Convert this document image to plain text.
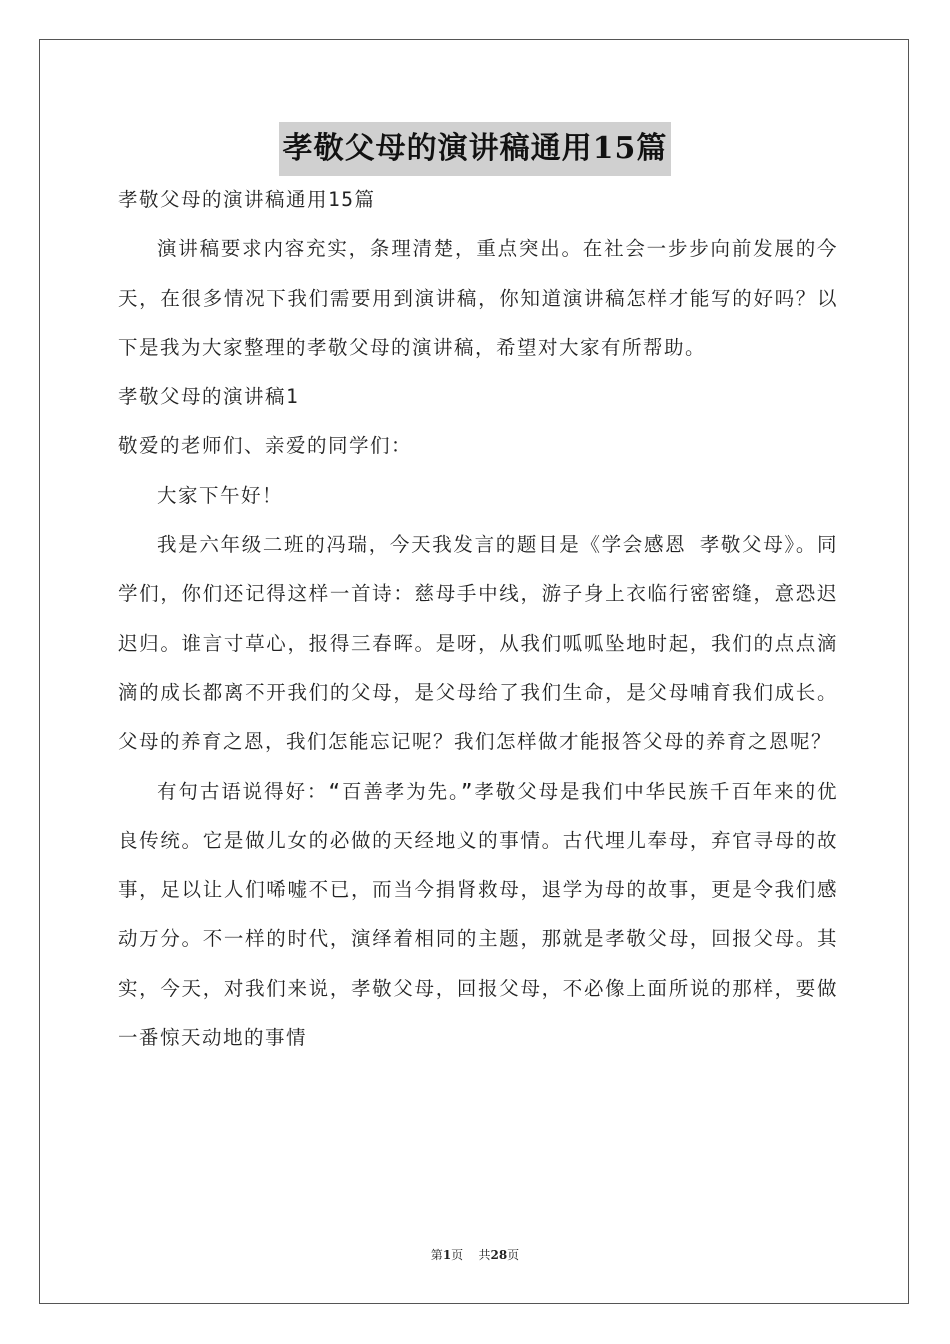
孝敬父母的演讲稿通用15篇

孝敬父母的演讲稿通用15篇

演讲稿要求内容充实，条理清楚，重点突出。在社会一步步向前发展的今天，在很多情况下我们需要用到演讲稿，你知道演讲稿怎样才能写的好吗？以下是我为大家整理的孝敬父母的演讲稿，希望对大家有所帮助。

孝敬父母的演讲稿1

敬爱的老师们、亲爱的同学们：

大家下午好！

我是六年级二班的冯瑞，今天我发言的题目是《学会感恩 孝敬父母》。同学们，你们还记得这样一首诗：慈母手中线，游子身上衣临行密密缝，意恐迟迟归。谁言寸草心，报得三春晖。是呀，从我们呱呱坠地时起，我们的点点滴滴的成长都离不开我们的父母，是父母给了我们生命，是父母哺育我们成长。父母的养育之恩，我们怎能忘记呢？我们怎样做才能报答父母的养育之恩呢？

有句古语说得好：“百善孝为先。”孝敬父母是我们中华民族千百年来的优良传统。它是做儿女的必做的天经地义的事情。古代埋儿奉母，弃官寻母的故事，足以让人们唏嘘不已，而当今捐肾救母，退学为母的故事，更是令我们感动万分。不一样的时代，演绎着相同的主题，那就是孝敬父母，回报父母。其实，今天，对我们来说，孝敬父母，回报父母，不必像上面所说的那样，要做一番惊天动地的事情

第1页 共28页
